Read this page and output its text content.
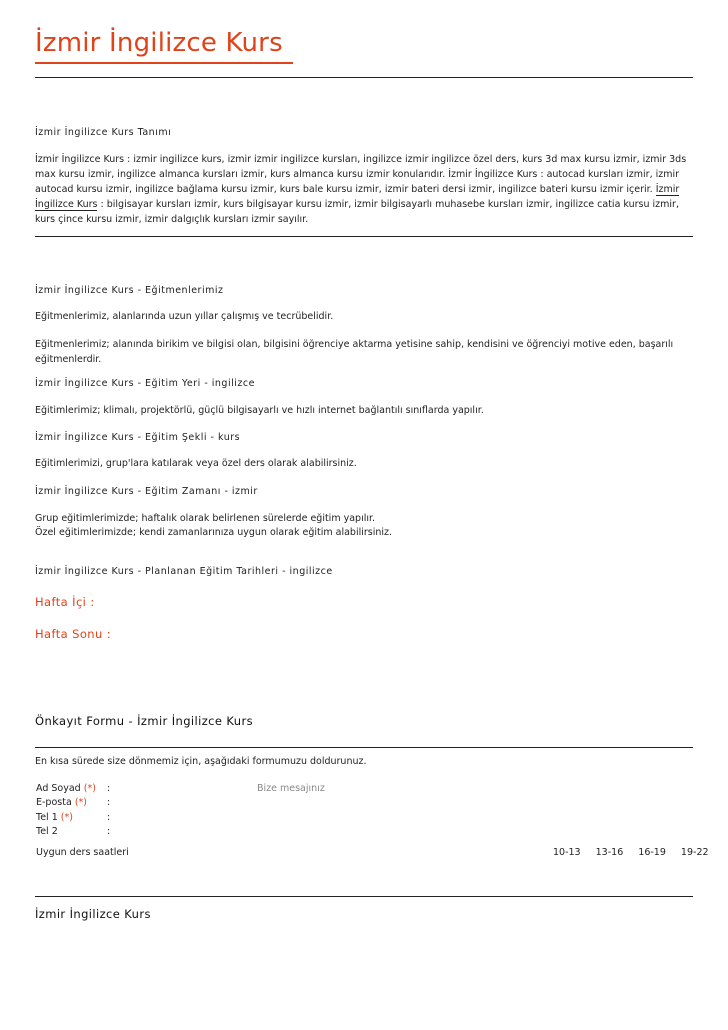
İzmir İngilizce Kurs
İzmir İngilizce Kurs Tanımı
İzmir İngilizce Kurs : izmir ingilizce kurs, izmir izmir ingilizce kursları, ingilizce izmir ingilizce özel ders, kurs 3d max kursu izmir, izmir 3ds max kursu izmir, ingilizce almanca kursları izmir, kurs almanca kursu izmir konularıdır. İzmir İngilizce Kurs : autocad kursları izmir, izmir autocad kursu izmir, ingilizce bağlama kursu izmir, kurs bale kursu izmir, izmir bateri dersi izmir, ingilizce bateri kursu izmir içerir. İzmir İngilizce Kurs : bilgisayar kursları izmir, kurs bilgisayar kursu izmir, izmir bilgisayarlı muhasebe kursları izmir, ingilizce catia kursu izmir, kurs çince kursu izmir, izmir dalgıçlık kursları izmir sayılır.
İzmir İngilizce Kurs - Eğitmenlerimiz
Eğitmenlerimiz, alanlarında uzun yıllar çalışmış ve tecrübelidir.
Eğitmenlerimiz; alanında birikim ve bilgisi olan, bilgisini öğrenciye aktarma yetisine sahip, kendisini ve öğrenciyi motive eden, başarılı eğitmenlerdir.
İzmir İngilizce Kurs - Eğitim Yeri - ingilizce
Eğitimlerimiz; klimalı, projektörlü, güçlü bilgisayarlı ve hızlı internet bağlantılı sınıflarda yapılır.
İzmir İngilizce Kurs - Eğitim Şekli - kurs
Eğitimlerimizi, grup'lara katılarak veya özel ders olarak alabilirsiniz.
İzmir İngilizce Kurs - Eğitim Zamanı - izmir
Grup eğitimlerimizde; haftalık olarak belirlenen sürelerde eğitim yapılır.
Özel eğitimlerimizde; kendi zamanlarınıza uygun olarak eğitim alabilirsiniz.
İzmir İngilizce Kurs - Planlanan Eğitim Tarihleri - ingilizce
Hafta İçi :
Hafta Sonu :
Önkayıt Formu - İzmir İngilizce Kurs
En kısa sürede size dönmemiz için, aşağıdaki formumuzu doldurunuz.
Ad Soyad (*) :
E-posta (*) :
Tel 1 (*)	:
Tel 2	:
Bize mesajınız
Uygun ders saatleri	10-13 13-16 16-19 19-22
İzmir İngilizce Kurs
